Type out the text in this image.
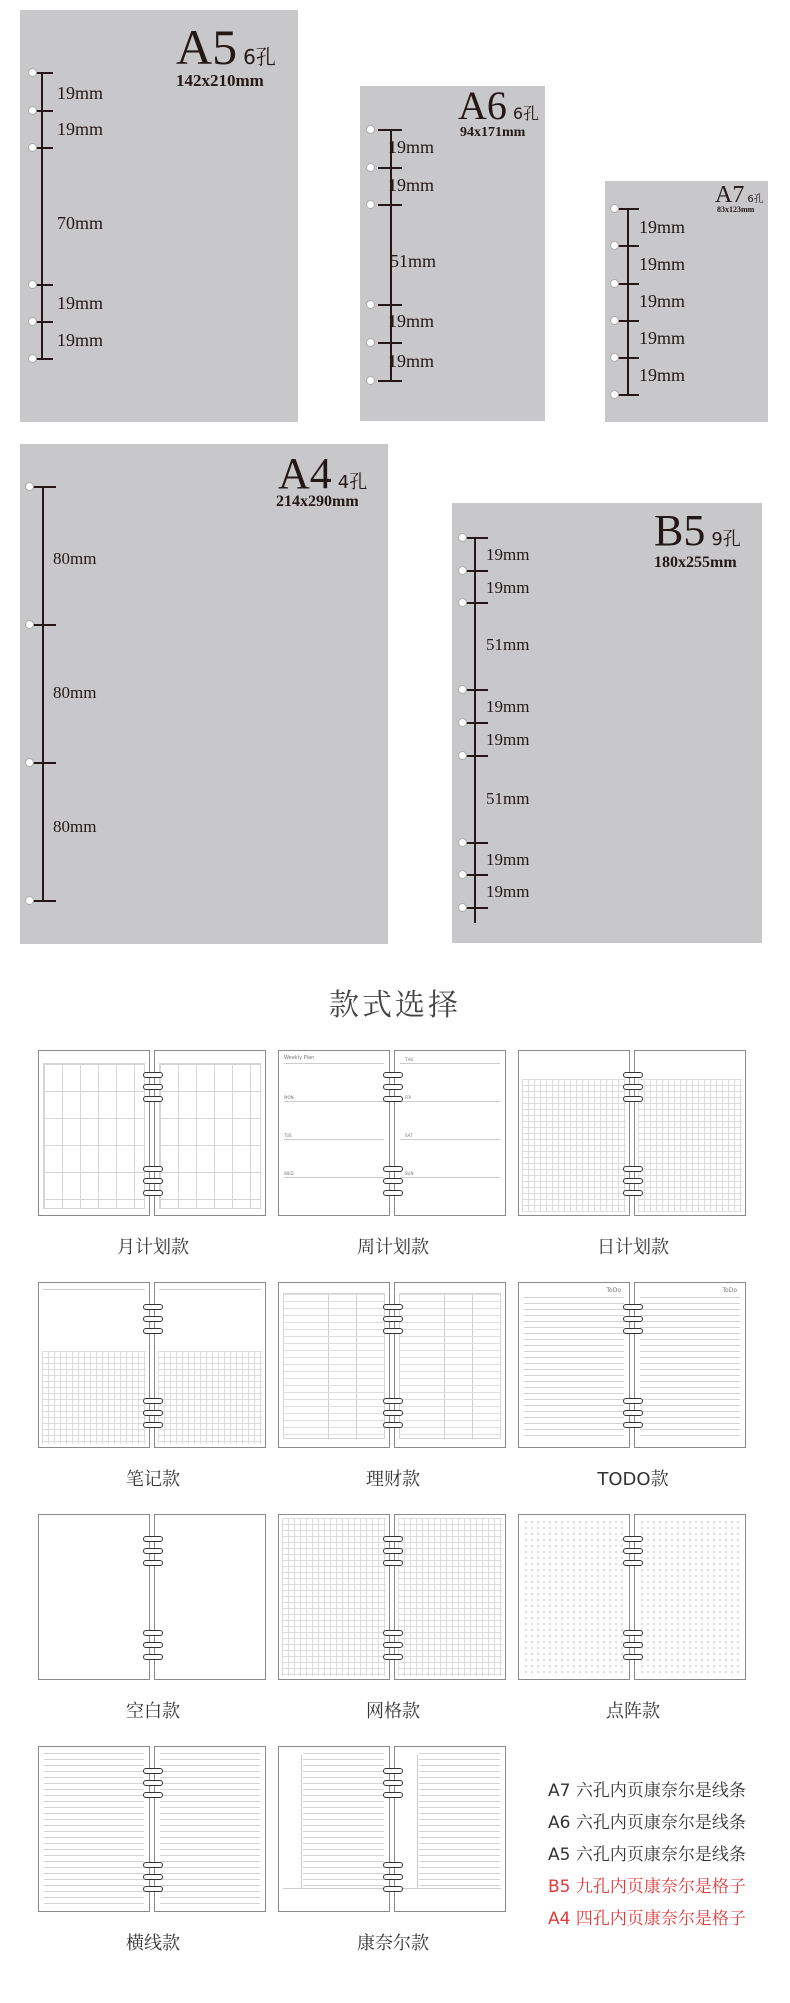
A5 6孔
142x210mm
19mm
19mm
70mm
19mm
19mm
A6 6孔
94x171mm
19mm
19mm
51mm
19mm
19mm
A7 6孔
83x123mm
19mm
19mm
19mm
19mm
19mm
A4 4孔
214x290mm
80mm
80mm
80mm
B5 9孔
180x255mm
19mm
19mm
51mm
19mm
19mm
51mm
19mm
19mm
款式选择
月计划款
Weekly Plan
MON
TUE
WED
THU
FRI
SAT
SUN
周计划款	日计划款
笔记款	理财款
ToDo	ToDo
TODO款
空白款	网格款	点阵款
横线款	康奈尔款
A7 六孔内页康奈尔是线条
A6 六孔内页康奈尔是线条
A5 六孔内页康奈尔是线条
B5 九孔内页康奈尔是格子
A4 四孔内页康奈尔是格子
